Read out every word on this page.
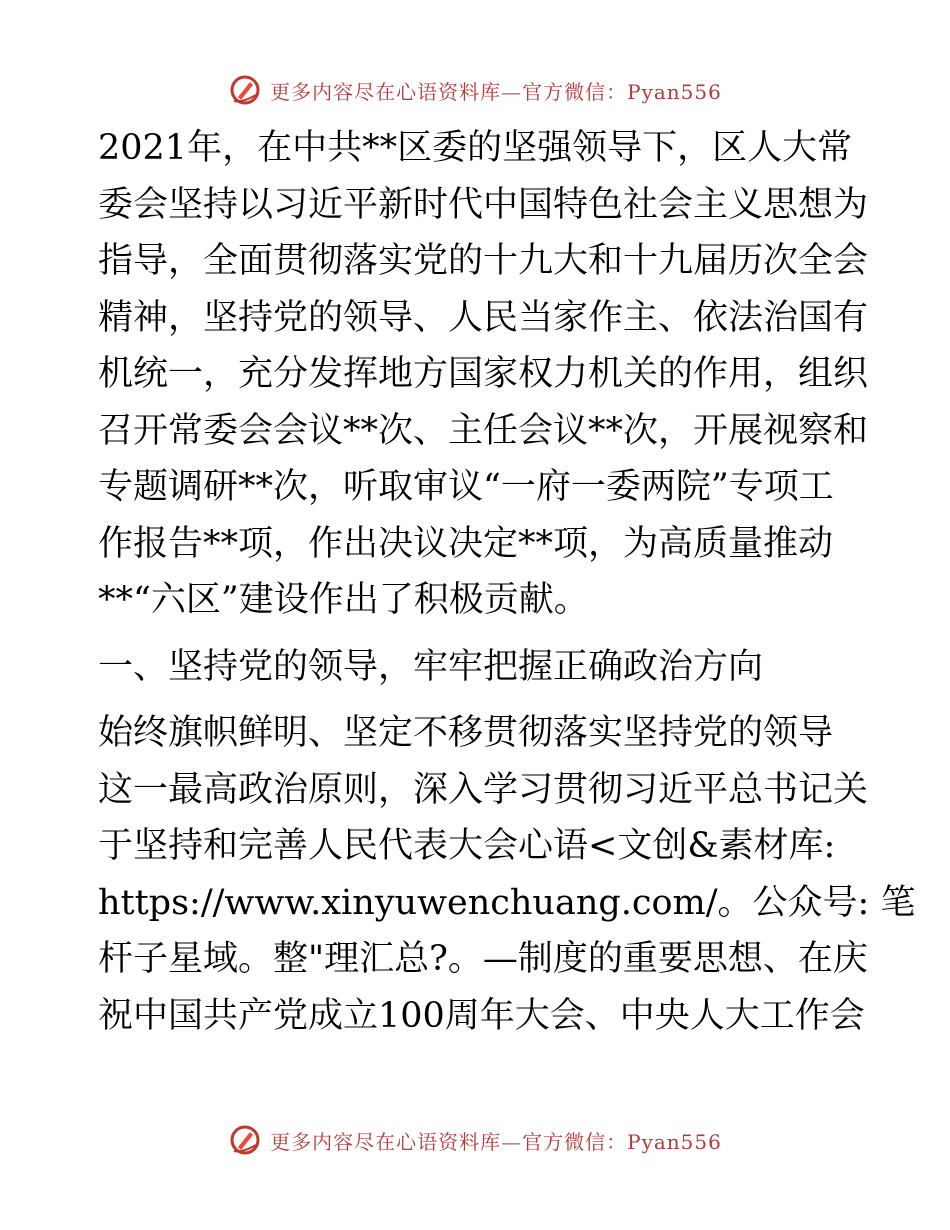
更多内容尽在心语资料库—官方微信：Pyan556
2021年，在中共**区委的坚强领导下，区人大常
委会坚持以习近平新时代中国特色社会主义思想为
指导，全面贯彻落实党的十九大和十九届历次全会
精神，坚持党的领导、人民当家作主、依法治国有
机统一，充分发挥地方国家权力机关的作用，组织
召开常委会会议**次、主任会议**次，开展视察和
专题调研**次，听取审议“一府一委两院”专项工
作报告**项，作出决议决定**项，为高质量推动
**“六区”建设作出了积极贡献。
一、坚持党的领导，牢牢把握正确政治方向
始终旗帜鲜明、坚定不移贯彻落实坚持党的领导
这一最高政治原则，深入学习贯彻习近平总书记关
于坚持和完善人民代表大会心语<文创&素材库:
https://www.xinyuwenchuang.com/。公众号: 笔
杆子星域。整"理汇总?。—制度的重要思想、在庆
祝中国共产党成立100周年大会、中央人大工作会
更多内容尽在心语资料库—官方微信：Pyan556
